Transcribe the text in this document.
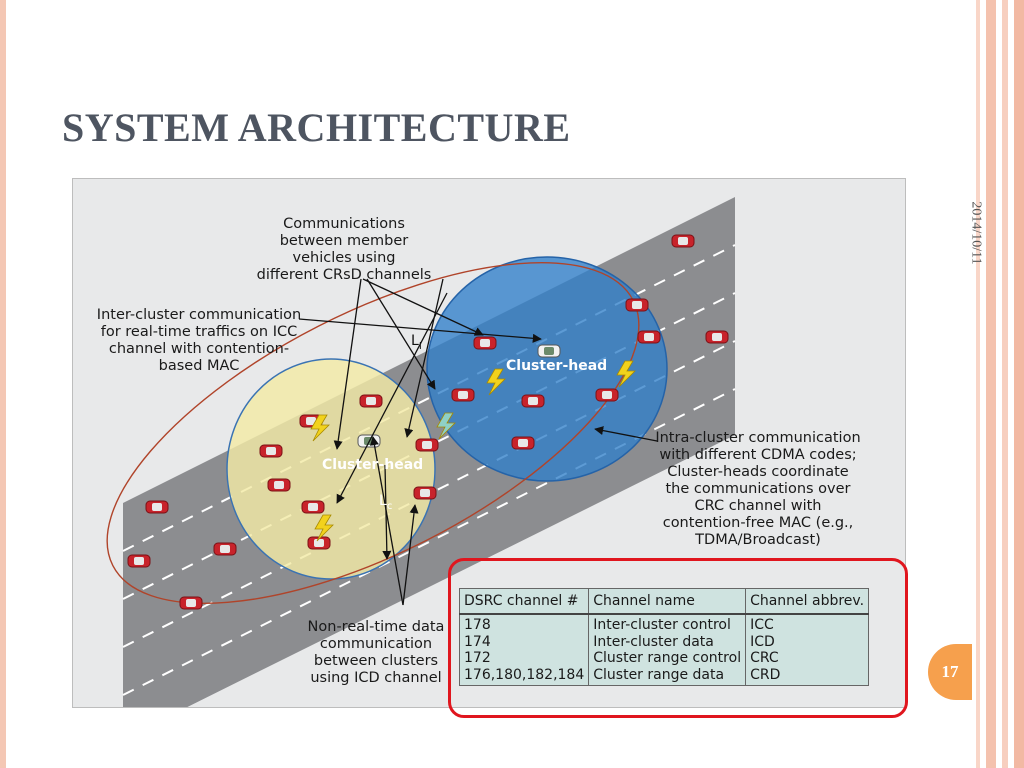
SYSTEM ARCHITECTURE
2014/10/11
17
Cluster-head
Cluster-head
$L_I$
$L_c$
Communications
between member
vehicles using
different CRsD channels
Inter-cluster communication
for real-time traffics on ICC
channel with contention-
based MAC
Intra-cluster communication
with different CDMA codes;
Cluster-heads coordinate
the communications over
CRC channel with
contention-free MAC (e.g.,
TDMA/Broadcast)
Non-real-time data
communication
between clusters
using ICD channel
DSRC channel #	Channel name	Channel abbrev.
178	Inter-cluster control	ICC
174	Inter-cluster data	ICD
172	Cluster range control	CRC
176,180,182,184	Cluster range data	CRD
